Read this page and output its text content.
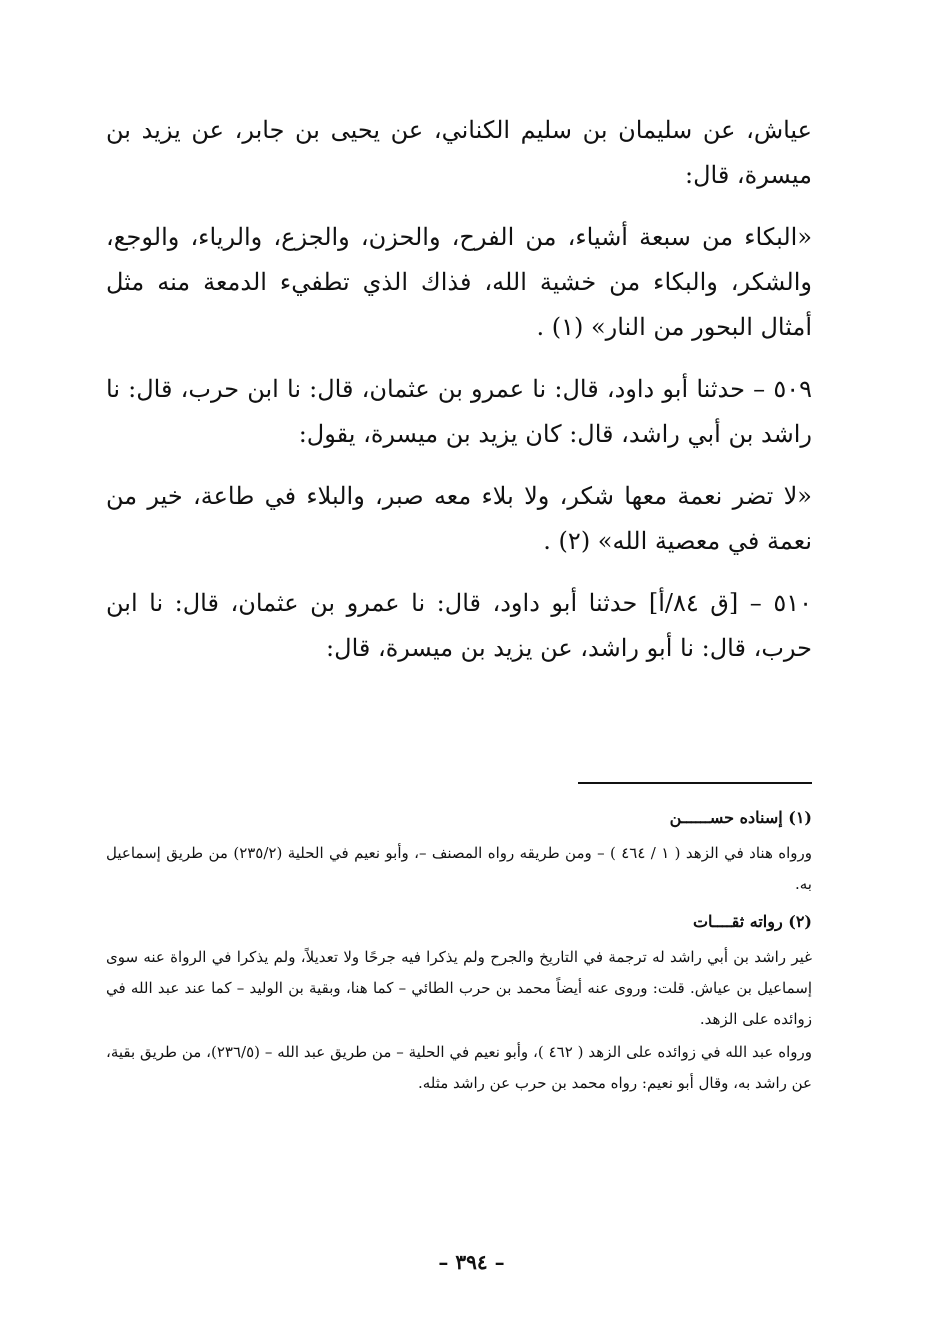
عياش، عن سليمان بن سليم الكناني، عن يحيى بن جابر، عن يزيد بن ميسرة، قال:

«البكاء من سبعة أشياء، من الفرح، والحزن، والجزع، والرياء، والوجع، والشكر، والبكاء من خشية الله، فذاك الذي تطفيء الدمعة منه مثل أمثال البحور من النار» (١) .

٥٠٩ – حدثنا أبو داود، قال: نا عمرو بن عثمان، قال: نا ابن حرب، قال: نا راشد بن أبي راشد، قال: كان يزيد بن ميسرة، يقول:

«لا تضر نعمة معها شكر، ولا بلاء معه صبر، والبلاء في طاعة، خير من نعمة في معصية الله» (٢) .

٥١٠ – [ق ٨٤/أ] حدثنا أبو داود، قال: نا عمرو بن عثمان، قال: نا ابن حرب، قال: نا أبو راشد، عن يزيد بن ميسرة، قال:

(١) إسناده حســــــن

ورواه هناد في الزهد ( ١ / ٤٦٤ ) – ومن طريقه رواه المصنف –، وأبو نعيم في الحلية (٢٣٥/٢) من طريق إسماعيل به.

(٢) رواته ثقــــات

غير راشد بن أبي راشد له ترجمة في التاريخ والجرح ولم يذكرا فيه جرحًا ولا تعديلاً، ولم يذكرا في الرواة عنه سوى إسماعيل بن عياش. قلت: وروى عنه أيضاً محمد بن حرب الطائي – كما هنا، وبقية بن الوليد – كما عند عبد الله في زوائده على الزهد.

ورواه عبد الله في زوائده على الزهد ( ٤٦٢ )، وأبو نعيم في الحلية – من طريق عبد الله – (٢٣٦/٥)، من طريق بقية، عن راشد به، وقال أبو نعيم: رواه محمد بن حرب عن راشد مثله.

– ٣٩٤ –
